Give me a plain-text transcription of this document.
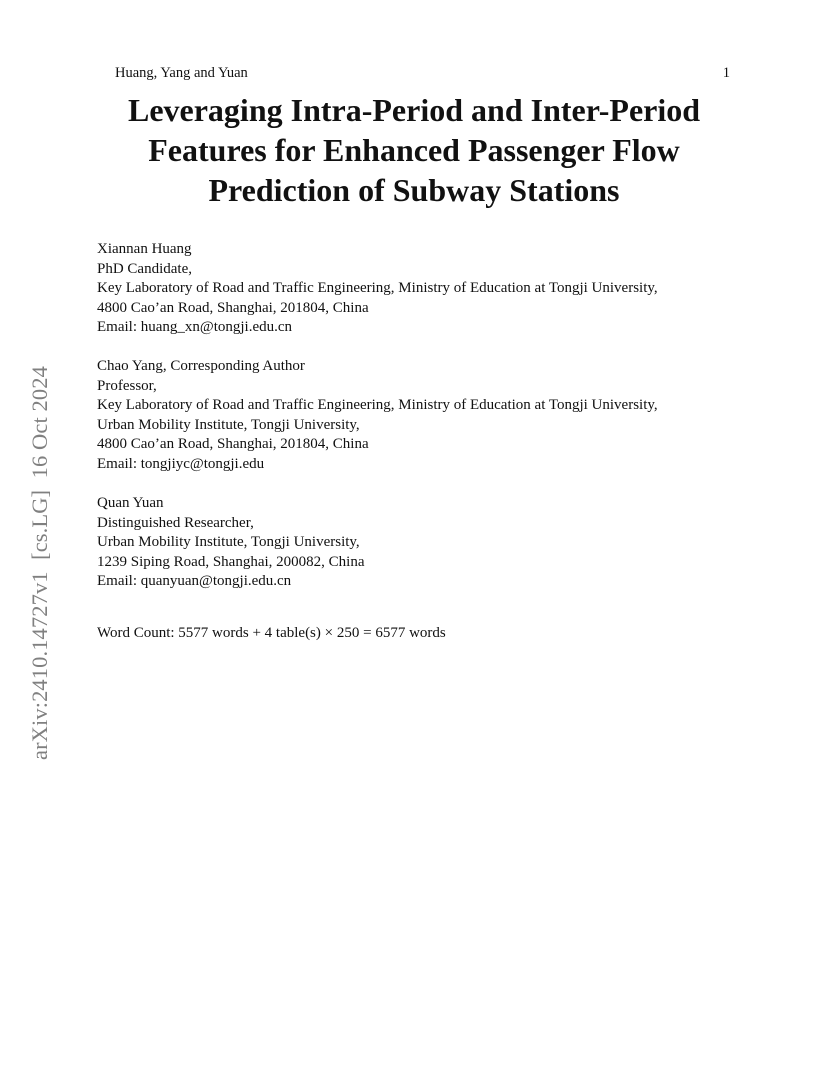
Huang, Yang and Yuan	1
Leveraging Intra-Period and Inter-Period
Features for Enhanced Passenger Flow
Prediction of Subway Stations
arXiv:2410.14727v1  [cs.LG]  16 Oct 2024
Xiannan Huang
PhD Candidate,
Key Laboratory of Road and Traffic Engineering, Ministry of Education at Tongji University,
4800 Cao’an Road, Shanghai, 201804, China
Email: huang_xn@tongji.edu.cn
Chao Yang, Corresponding Author
Professor,
Key Laboratory of Road and Traffic Engineering, Ministry of Education at Tongji University,
Urban Mobility Institute, Tongji University,
4800 Cao’an Road, Shanghai, 201804, China
Email: tongjiyc@tongji.edu
Quan Yuan
Distinguished Researcher,
Urban Mobility Institute, Tongji University,
1239 Siping Road, Shanghai, 200082, China
Email: quanyuan@tongji.edu.cn
Word Count: 5577 words + 4 table(s) × 250 = 6577 words
